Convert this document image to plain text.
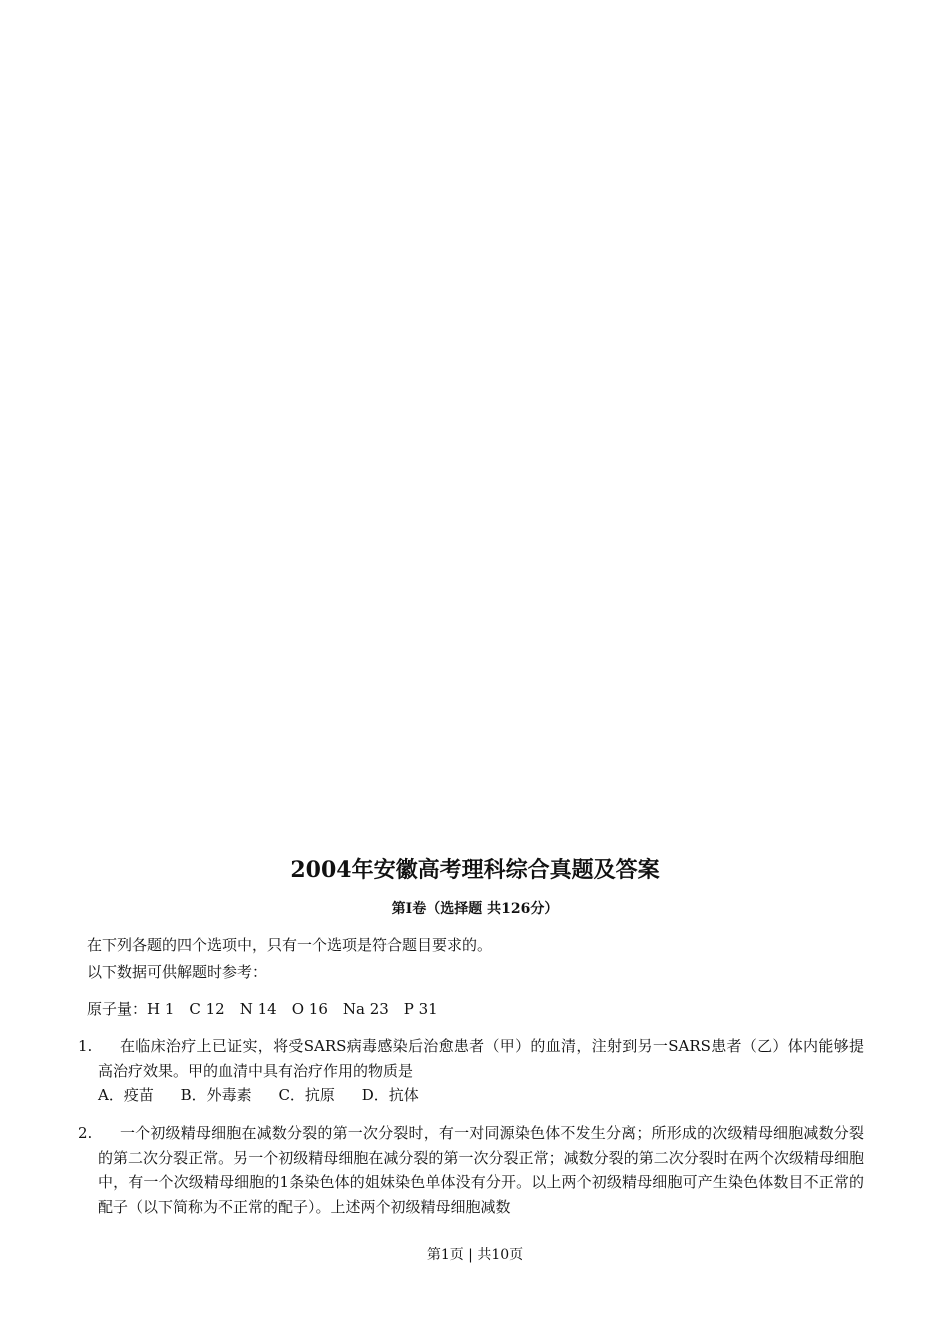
2004年安徽高考理科综合真题及答案
第Ⅰ卷（选择题 共126分）
在下列各题的四个选项中，只有一个选项是符合题目要求的。
以下数据可供解题时参考：
原子量：H 1　C 12　N 14　O 16　Na 23　P 31
1.	在临床治疗上已证实，将受SARS病毒感染后治愈患者（甲）的血清，注射到另一SARS患者（乙）体内能够提高治疗效果。甲的血清中具有治疗作用的物质是
A．疫苗 B．外毒素 C．抗原 D．抗体
2.	一个初级精母细胞在减数分裂的第一次分裂时，有一对同源染色体不发生分离；所形成的次级精母细胞减数分裂的第二次分裂正常。另一个初级精母细胞在减分裂的第一次分裂正常；减数分裂的第二次分裂时在两个次级精母细胞中，有一个次级精母细胞的1条染色体的姐妹染色单体没有分开。以上两个初级精母细胞可产生染色体数目不正常的配子（以下简称为不正常的配子）。上述两个初级精母细胞减数
第1页 | 共10页
